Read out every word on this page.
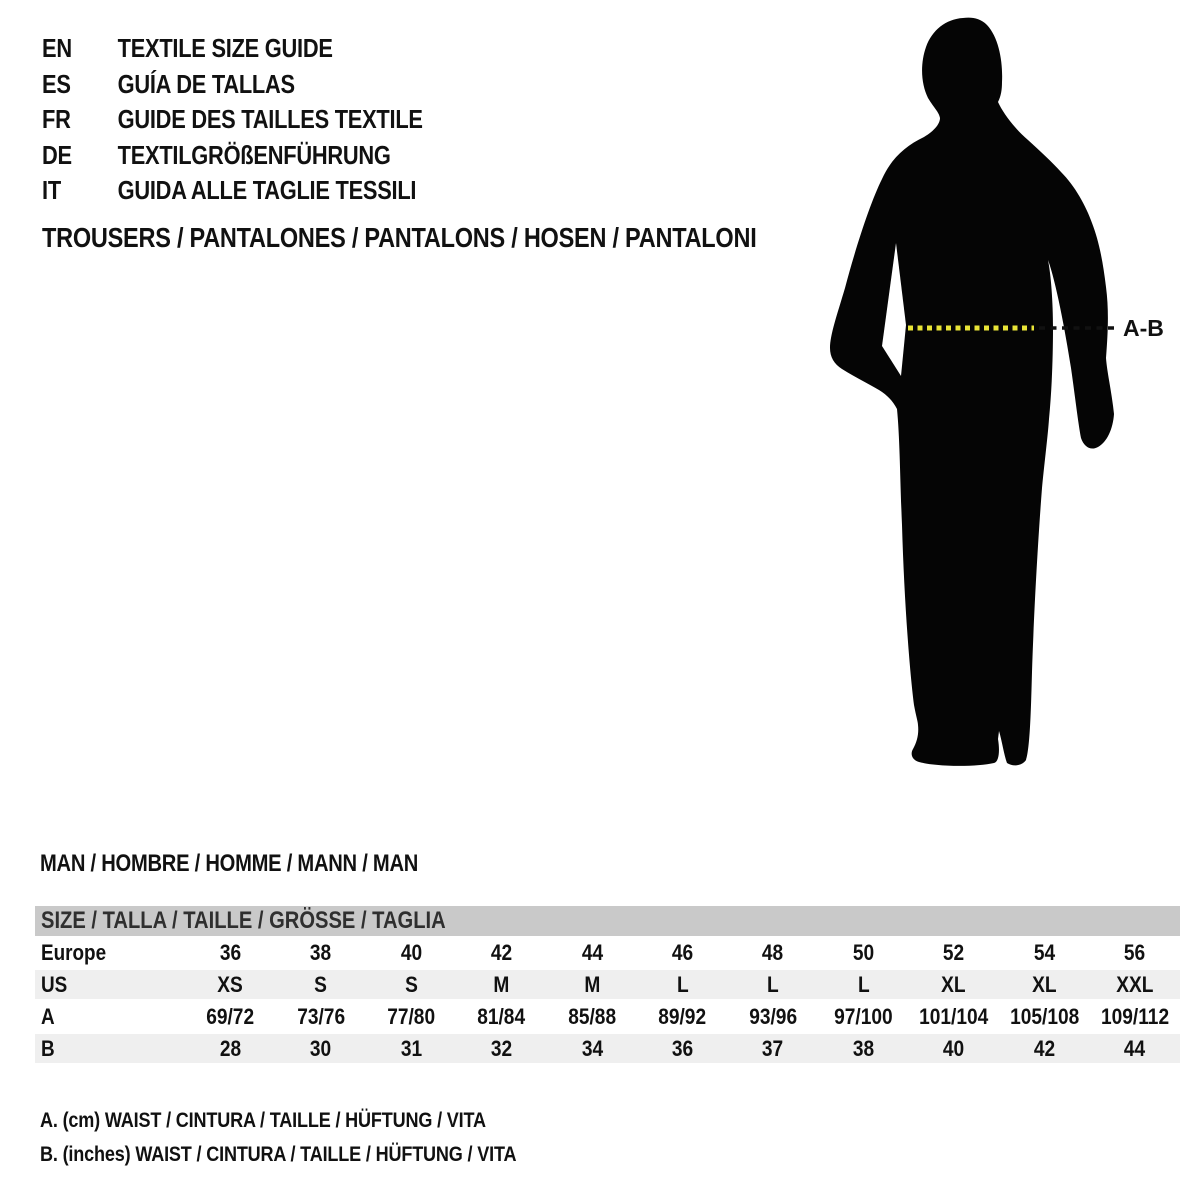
EN TEXTILE SIZE GUIDE
ES GUÍA DE TALLAS
FR GUIDE DES TAILLES TEXTILE
DE TEXTILGRÖßENFÜHRUNG
IT GUIDA ALLE TAGLIE TESSILI
TROUSERS / PANTALONES / PANTALONS / HOSEN / PANTALONI
A-B
MAN / HOMBRE / HOMME / MANN / MAN
SIZE / TALLA / TAILLE / GRÖSSE / TAGLIA
Europe	36	38	40	42	44	46	48	50	52	54	56
US	XS	S	S	M	M	L	L	L	XL	XL	XXL
A	69/72	73/76	77/80	81/84	85/88	89/92	93/96	97/100	101/104 105/108 109/112
B	28	30	31	32	34	36	37	38	40	42	44
A. (cm) WAIST / CINTURA / TAILLE / HÜFTUNG / VITA
B. (inches) WAIST / CINTURA / TAILLE / HÜFTUNG / VITA
